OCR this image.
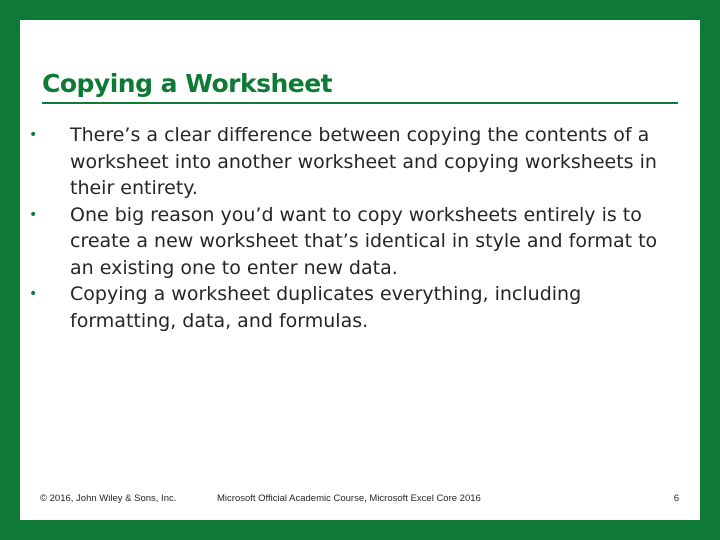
Copying a Worksheet
•	There’s a clear difference between copying the contents of a worksheet into another worksheet and copying worksheets in their entirety.
•	One big reason you’d want to copy worksheets entirely is to create a new worksheet that’s identical in style and format to an existing one to enter new data.
•	Copying a worksheet duplicates everything, including formatting, data, and formulas.
© 2016, John Wiley & Sons, Inc.	Microsoft Official Academic Course, Microsoft Excel Core 2016	6
